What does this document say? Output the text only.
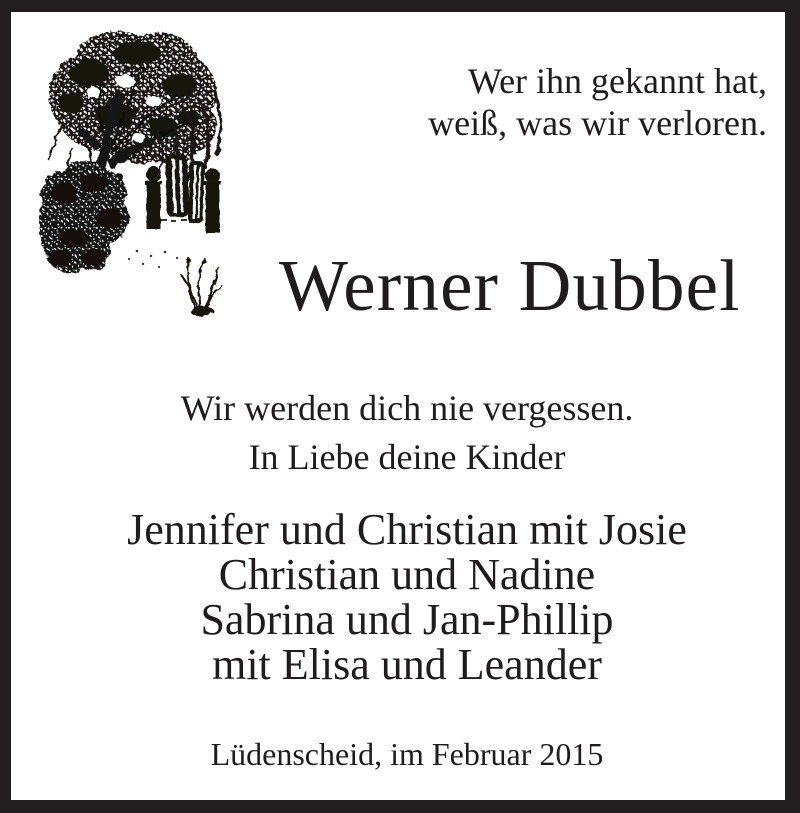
Wer ihn gekannt hat,
weiß, was wir verloren.
Werner Dubbel
Wir werden dich nie vergessen.
In Liebe deine Kinder
Jennifer und Christian mit Josie
Christian und Nadine
Sabrina und Jan-Phillip
mit Elisa und Leander
Lüdenscheid, im Februar 2015
